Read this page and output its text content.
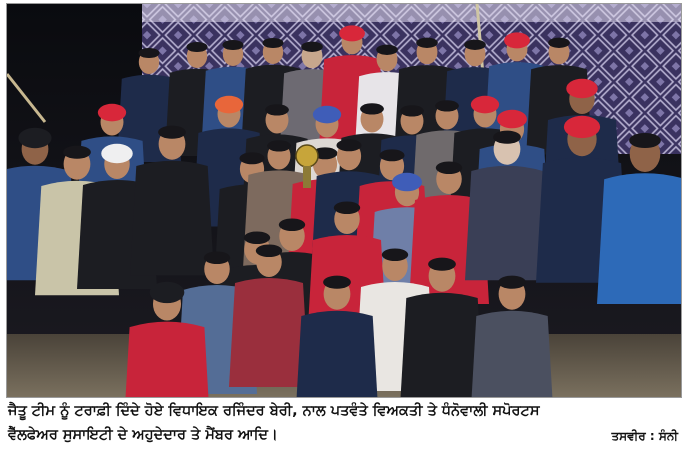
ਜੈਤੂ ਟੀਮ ਨੂੰ ਟਰਾਫ਼ੀ ਦਿੰਦੇ ਹੋਏ ਵਿਧਾਇਕ ਰਜਿੰਦਰ ਬੇਰੀ, ਨਾਲ ਪਤਵੰਤੇ ਵਿਅਕਤੀ ਤੇ ਧੰਨੋਵਾਲੀ ਸਪੋਰਟਸ
ਵੈੱਲਫੇਅਰ ਸੁਸਾਇਟੀ ਦੇ ਅਹੁਦੇਦਾਰ ਤੇ ਮੈਂਬਰ ਆਦਿ।	ਤਸਵੀਰ : ਸੰਨੀ
